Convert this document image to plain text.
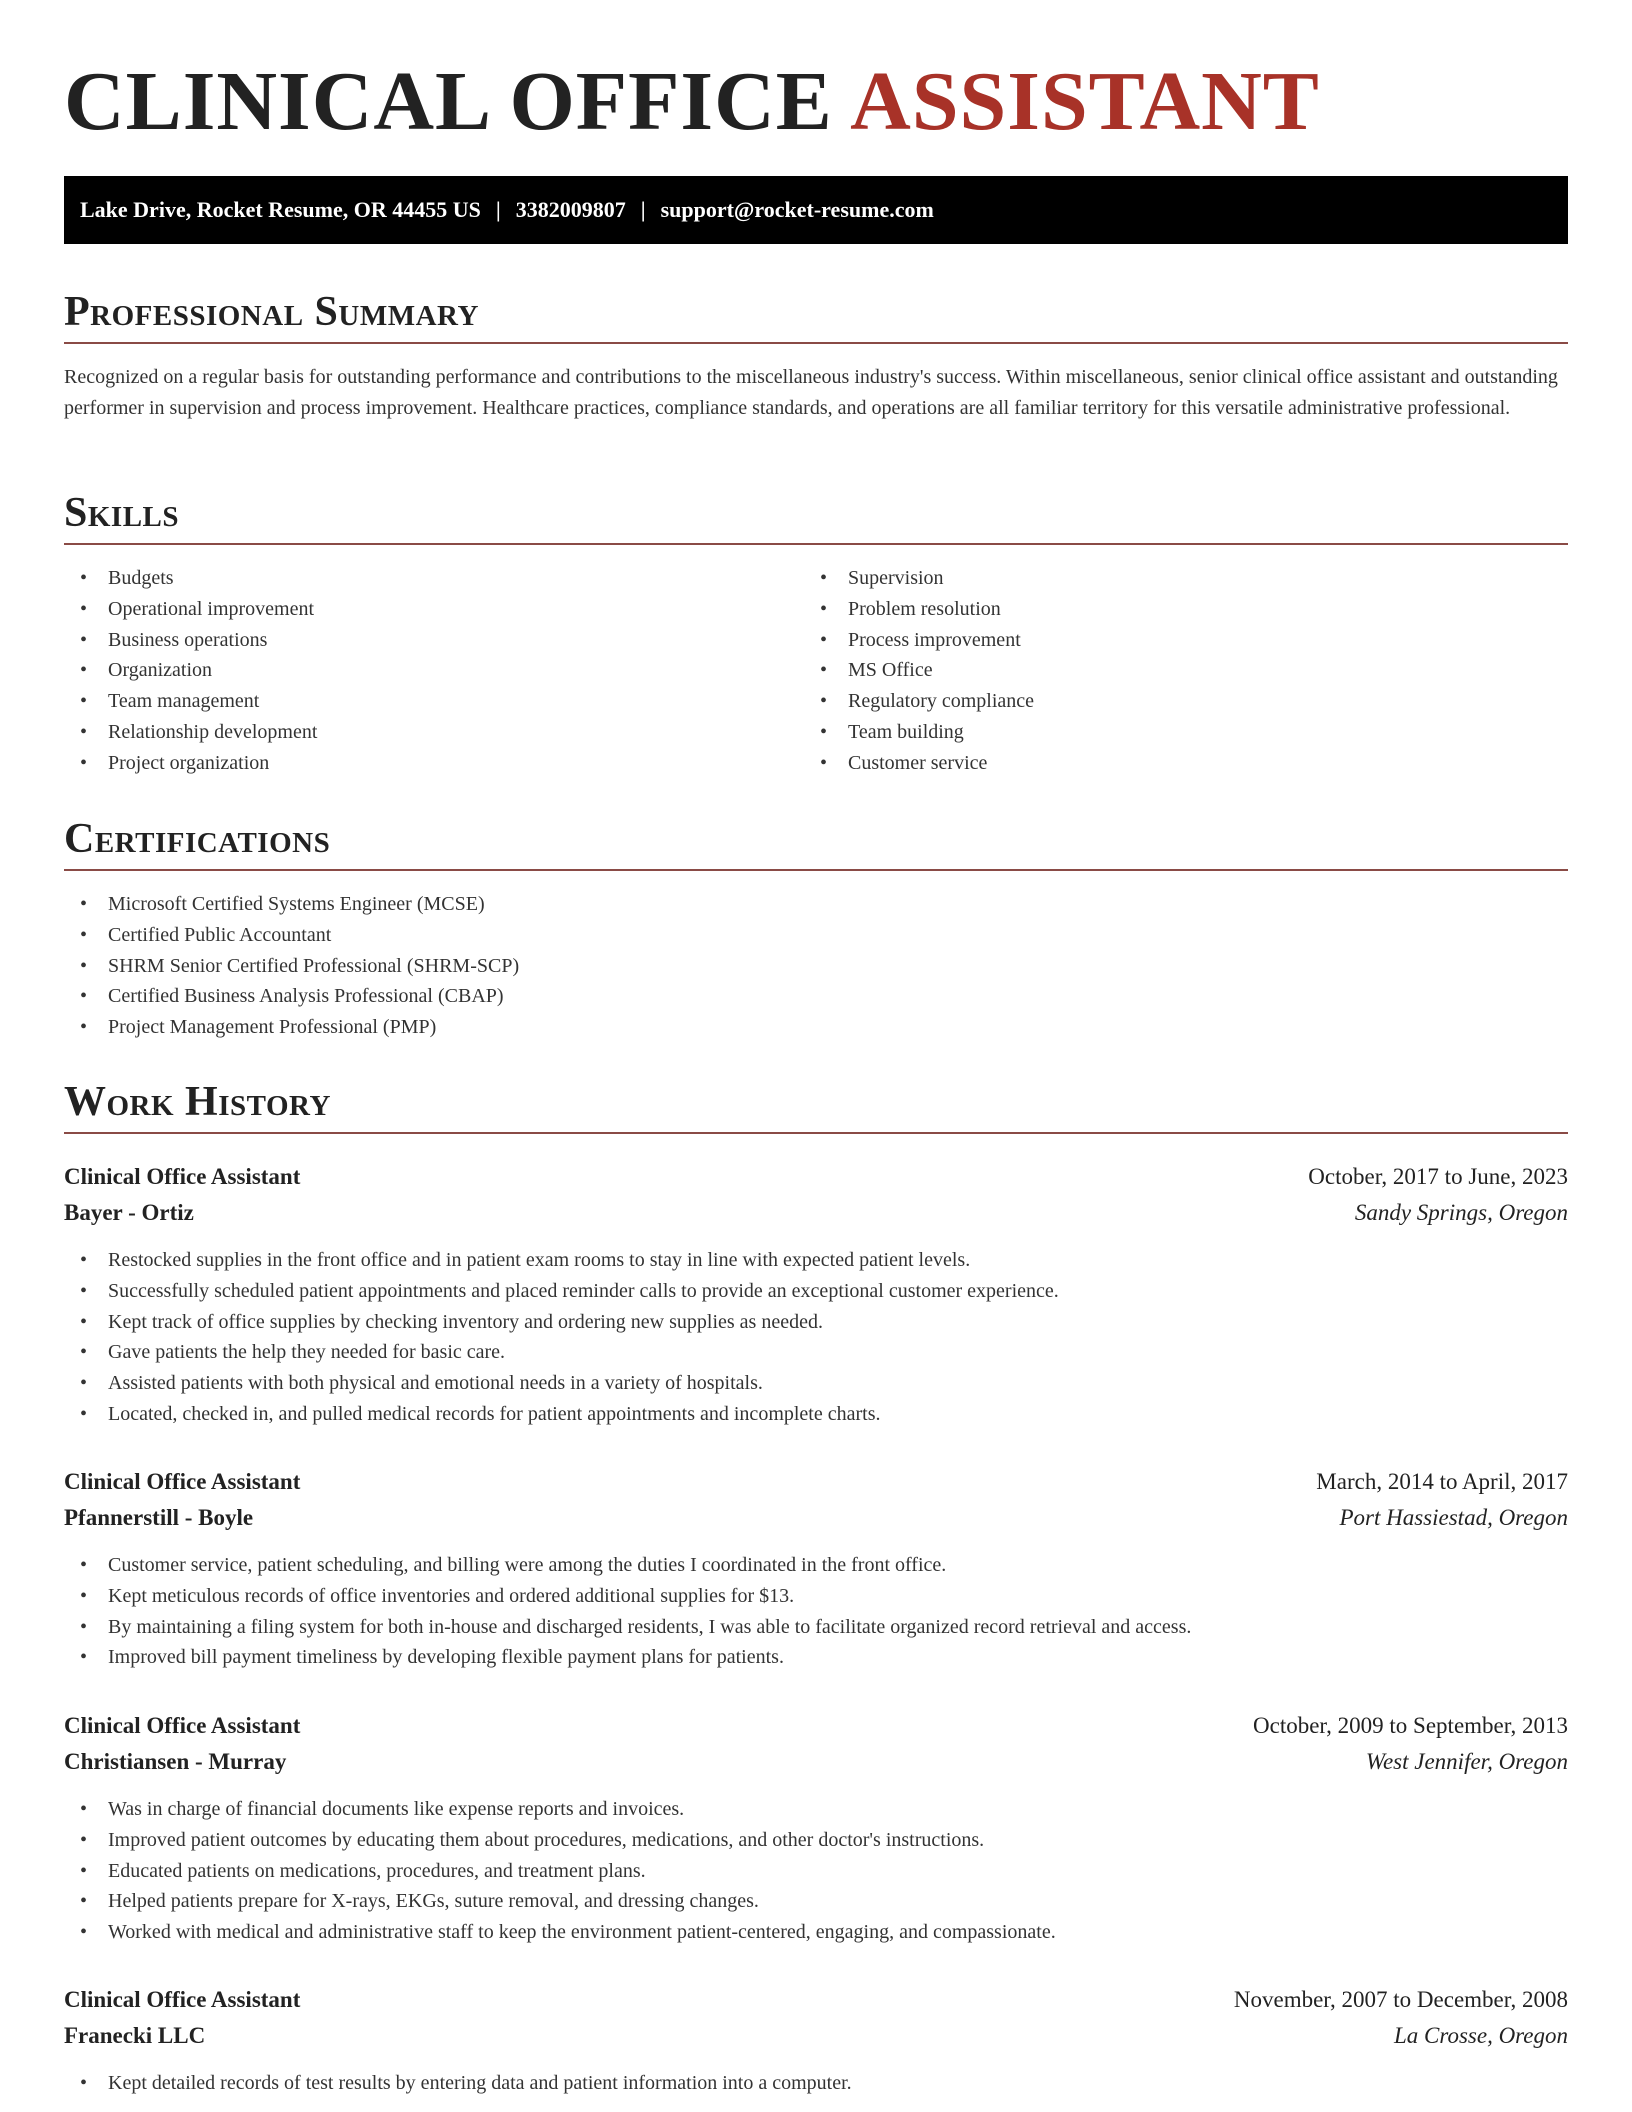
CLINICAL OFFICE ASSISTANT
Lake Drive, Rocket Resume, OR 44455 US | 3382009807 | support@rocket-resume.com
Professional Summary

Recognized on a regular basis for outstanding performance and contributions to the miscellaneous industry's success. Within miscellaneous, senior clinical office assistant and outstanding performer in supervision and process improvement. Healthcare practices, compliance standards, and operations are all familiar territory for this versatile administrative professional.

Skills
• Budgets
• Operational improvement
• Business operations
• Organization
• Team management
• Relationship development
• Project organization
• Supervision
• Problem resolution
• Process improvement
• MS Office
• Regulatory compliance
• Team building
• Customer service
Certifications
• Microsoft Certified Systems Engineer (MCSE)
• Certified Public Accountant
• SHRM Senior Certified Professional (SHRM-SCP)
• Certified Business Analysis Professional (CBAP)
• Project Management Professional (PMP)
Work History
Clinical Office Assistant	October, 2017 to June, 2023
Bayer - Ortiz	Sandy Springs, Oregon
• Restocked supplies in the front office and in patient exam rooms to stay in line with expected patient levels.
• Successfully scheduled patient appointments and placed reminder calls to provide an exceptional customer experience.
• Kept track of office supplies by checking inventory and ordering new supplies as needed.
• Gave patients the help they needed for basic care.
• Assisted patients with both physical and emotional needs in a variety of hospitals.
• Located, checked in, and pulled medical records for patient appointments and incomplete charts.
Clinical Office Assistant	March, 2014 to April, 2017
Pfannerstill - Boyle	Port Hassiestad, Oregon
• Customer service, patient scheduling, and billing were among the duties I coordinated in the front office.
• Kept meticulous records of office inventories and ordered additional supplies for $13.
• By maintaining a filing system for both in-house and discharged residents, I was able to facilitate organized record retrieval and access.
• Improved bill payment timeliness by developing flexible payment plans for patients.
Clinical Office Assistant	October, 2009 to September, 2013
Christiansen - Murray	West Jennifer, Oregon
• Was in charge of financial documents like expense reports and invoices.
• Improved patient outcomes by educating them about procedures, medications, and other doctor's instructions.
• Educated patients on medications, procedures, and treatment plans.
• Helped patients prepare for X-rays, EKGs, suture removal, and dressing changes.
• Worked with medical and administrative staff to keep the environment patient-centered, engaging, and compassionate.
Clinical Office Assistant	November, 2007 to December, 2008
Franecki LLC	La Crosse, Oregon
• Kept detailed records of test results by entering data and patient information into a computer.
